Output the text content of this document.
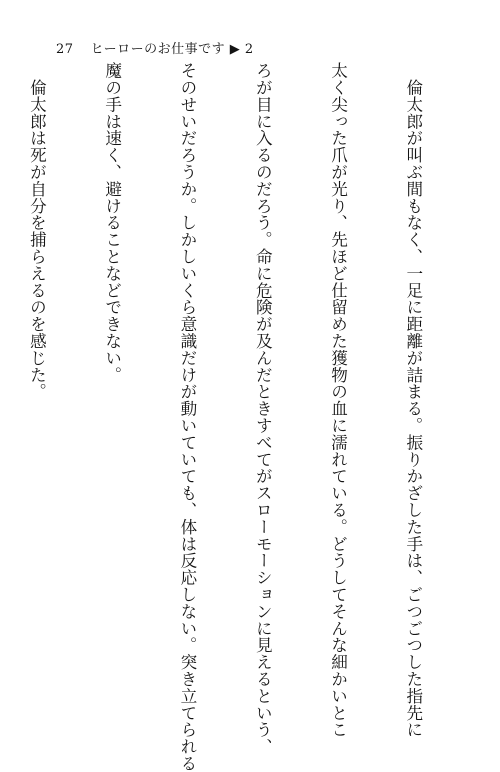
27 ヒーローのお仕事です ▶ 2

　倫太郎が叫ぶ間もなく、一足に距離が詰まる。振りかざした手は、ごつごつした指先に

太く尖った爪が光り、先ほど仕留めた獲物の血に濡れている。どうしてそんな細かいとこ

ろが目に入るのだろう。命に危険が及んだときすべてがスローモーションに見えるという、

そのせいだろうか。しかしいくら意識だけが動いていても、体は反応しない。突き立てられる

魔の手は速く、避けることなどできない。

　倫太郎は死が自分を捕らえるのを感じた。
